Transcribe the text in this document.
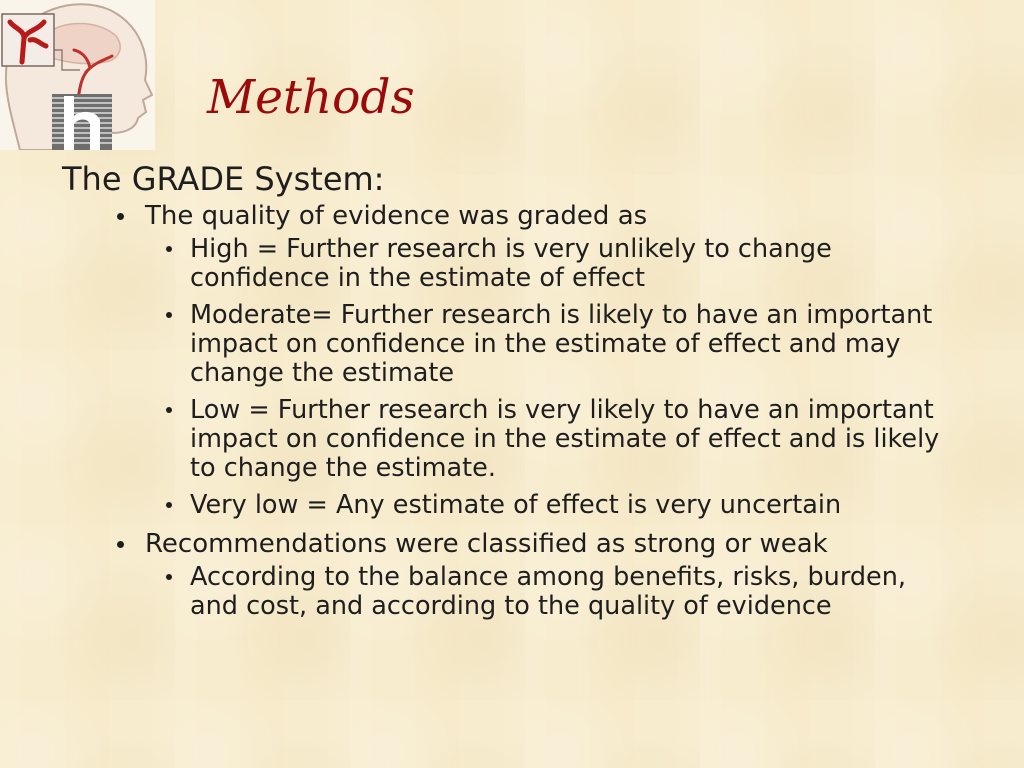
Methods
The GRADE System:
The quality of evidence was graded as
High = Further research is very unlikely to change confidence in the estimate of effect
Moderate= Further research is likely to have an important impact on confidence in the estimate of effect and may change the estimate
Low = Further research is very likely to have an important impact on confidence in the estimate of effect and is likely to change the estimate.
Very low = Any estimate of effect is very uncertain
Recommendations were classified as strong or weak
According to the balance among benefits, risks, burden, and cost, and according to the quality of evidence
